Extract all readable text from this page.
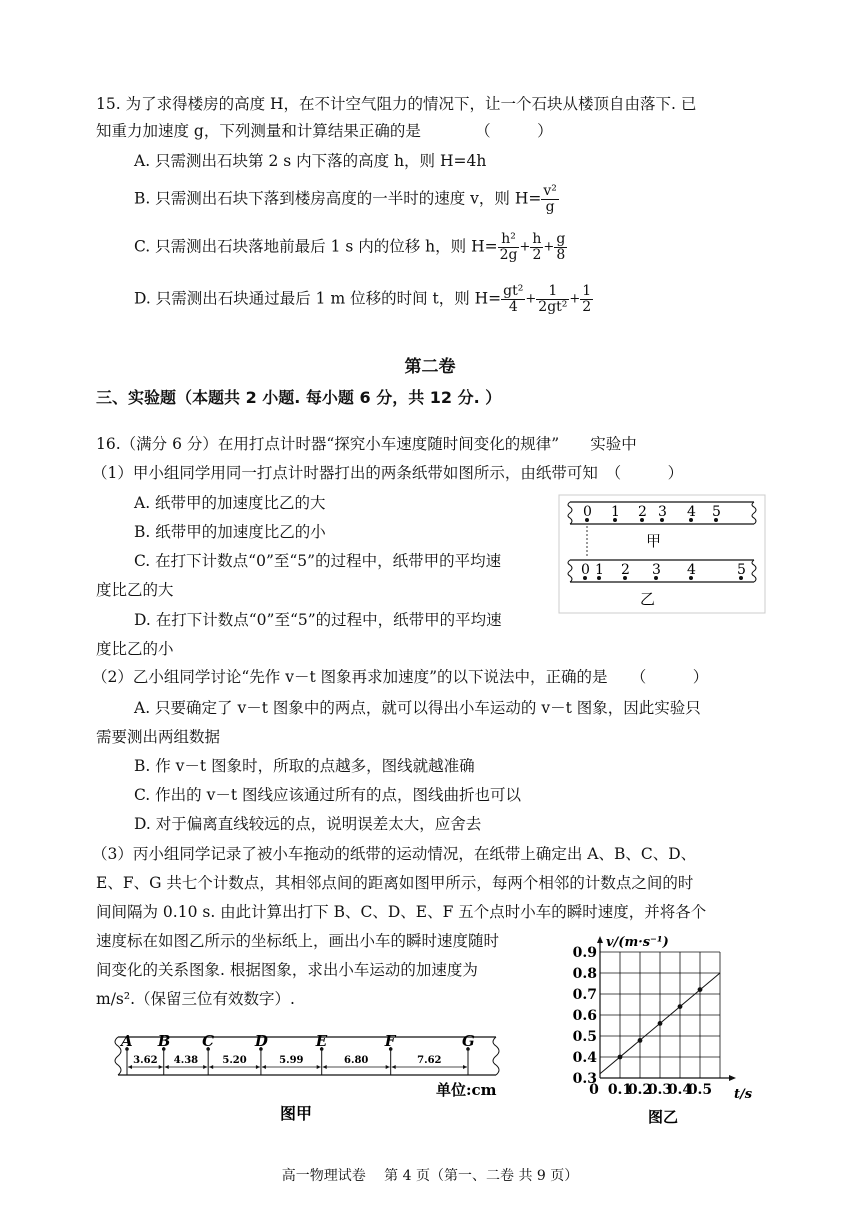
15. 为了求得楼房的高度 H，在不计空气阻力的情况下，让一个石块从楼顶自由落下. 已
知重力加速度 g，下列测量和计算结果正确的是　　　　（　　　）
A. 只需测出石块第 2 s 内下落的高度 h，则 H=4h
B. 只需测出石块下落到楼房高度的一半时的速度 v，则 $H= \frac{\text{v²}}{g}$
C. 只需测出石块落地前最后 1 s 内的位移 h，则 $H= \frac{\text{h²}}{2g} + \frac{h}{2} + \frac{g}{8}$
D. 只需测出石块通过最后 1 m 位移的时间 t，则 $H= \frac{\text{gt²}}{4} + \frac{1}{\text{2gt²}} + \frac{1}{2}$
第二卷
三、实验题（本题共 2 小题. 每小题 6 分，共 12 分. ）
16.（满分 6 分）在用打点计时器“探究小车速度随时间变化的规律”　　实验中
（1）甲小组同学用同一打点计时器打出的两条纸带如图所示，由纸带可知　（　　　）
A. 纸带甲的加速度比乙的大
B. 纸带甲的加速度比乙的小
C. 在打下计数点“0”至“5”的过程中，纸带甲的平均速
度比乙的大
D. 在打下计数点“0”至“5”的过程中，纸带甲的平均速
度比乙的小
（2）乙小组同学讨论“先作 v－t 图象再求加速度”的以下说法中，正确的是　　（　　　）
A. 只要确定了 v－t 图象中的两点，就可以得出小车运动的 v－t 图象，因此实验只
需要测出两组数据
B. 作 v－t 图象时，所取的点越多，图线就越准确
C. 作出的 v－t 图线应该通过所有的点，图线曲折也可以
D. 对于偏离直线较远的点，说明误差太大，应舍去
（3）丙小组同学记录了被小车拖动的纸带的运动情况，在纸带上确定出 A、B、C、D、
E、F、G 共七个计数点，其相邻点间的距离如图甲所示，每两个相邻的计数点之间的时
间间隔为 0.10 s. 由此计算出打下 B、C、D、E、F 五个点时小车的瞬时速度，并将各个
速度标在如图乙所示的坐标纸上，画出小车的瞬时速度随时
间变化的关系图象. 根据图象，求出小车运动的加速度为
m/s².（保留三位有效数字）.
0 1 2 3 4 5
甲
0 1 2 3 4	5
乙
A B C	D	E	F	G
3.62 4.38 5.20	5.99	6.80	7.62
单位:cm
图甲
0.3
0.4
0.5
0.6
0.7
0.8
0.9
0 0.1
0.2
0.3
0.4
0.5
v/(m·s⁻¹)
t/s
图乙
高一物理试卷　 第 4 页（第一、二卷 共 9 页）
